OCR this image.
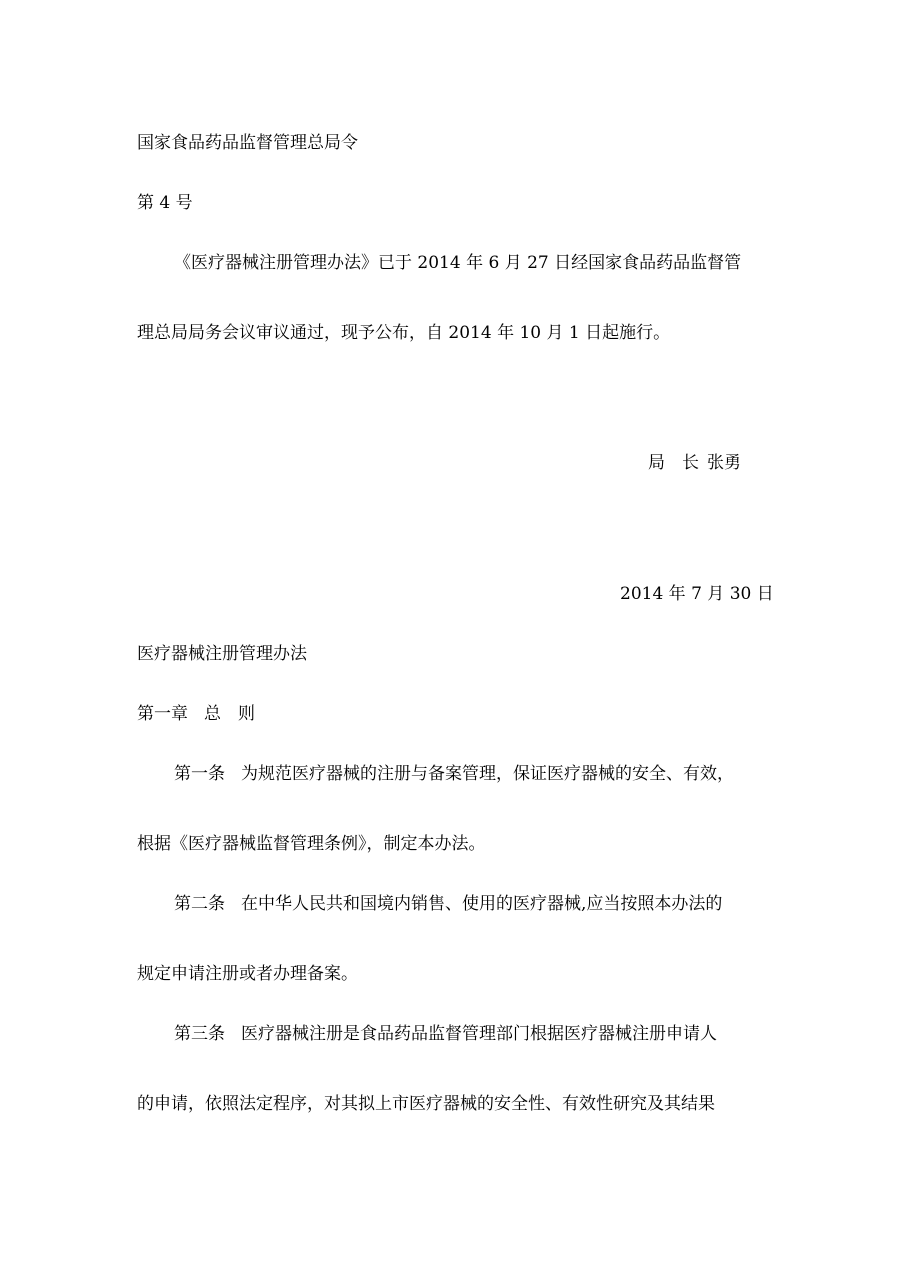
国家食品药品监督管理总局令
第 4 号
《医疗器械注册管理办法》已于 2014 年 6 月 27 日经国家食品药品监督管
理总局局务会议审议通过，现予公布，自 2014 年 10 月 1 日起施行。
局　长 张勇
2014 年 7 月 30 日
医疗器械注册管理办法
第一章 总　则
第一条 为规范医疗器械的注册与备案管理，保证医疗器械的安全、有效，
根据《医疗器械监督管理条例》，制定本办法。
第二条 在中华人民共和国境内销售、使用的医疗器械,应当按照本办法的
规定申请注册或者办理备案。
第三条 医疗器械注册是食品药品监督管理部门根据医疗器械注册申请人
的申请，依照法定程序，对其拟上市医疗器械的安全性、有效性研究及其结果
